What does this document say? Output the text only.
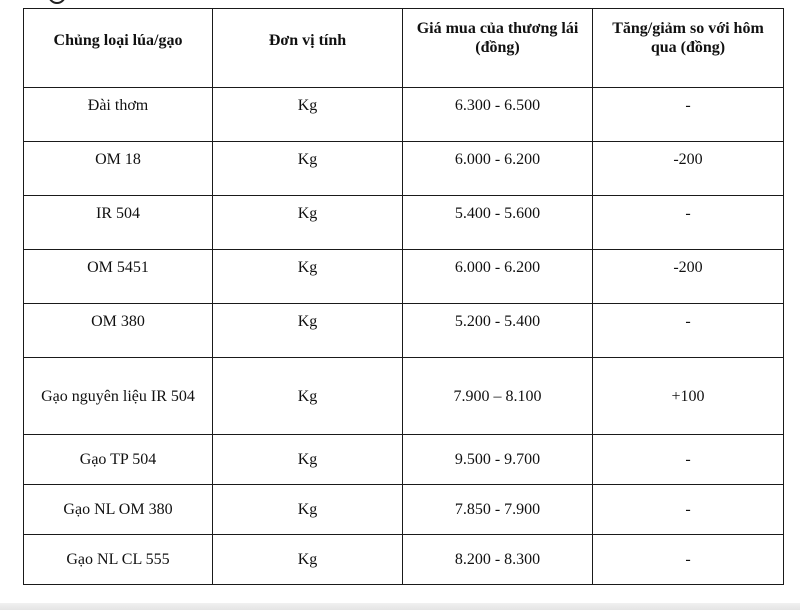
Chủng loại lúa/gạo	Đơn vị tính	Giá mua của thương lái (đồng)	Tăng/giảm so với hôm qua (đồng)
Đài thơm	Kg	6.300 - 6.500	-
OM 18	Kg	6.000 - 6.200	-200
IR 504	Kg	5.400 - 5.600	-
OM 5451	Kg	6.000 - 6.200	-200
OM 380	Kg	5.200 - 5.400	-
Gạo nguyên liệu IR 504	Kg	7.900 – 8.100	+100
Gạo TP 504	Kg	9.500 - 9.700	-
Gạo NL OM 380	Kg	7.850 - 7.900	-
Gạo NL CL 555	Kg	8.200 - 8.300	-
